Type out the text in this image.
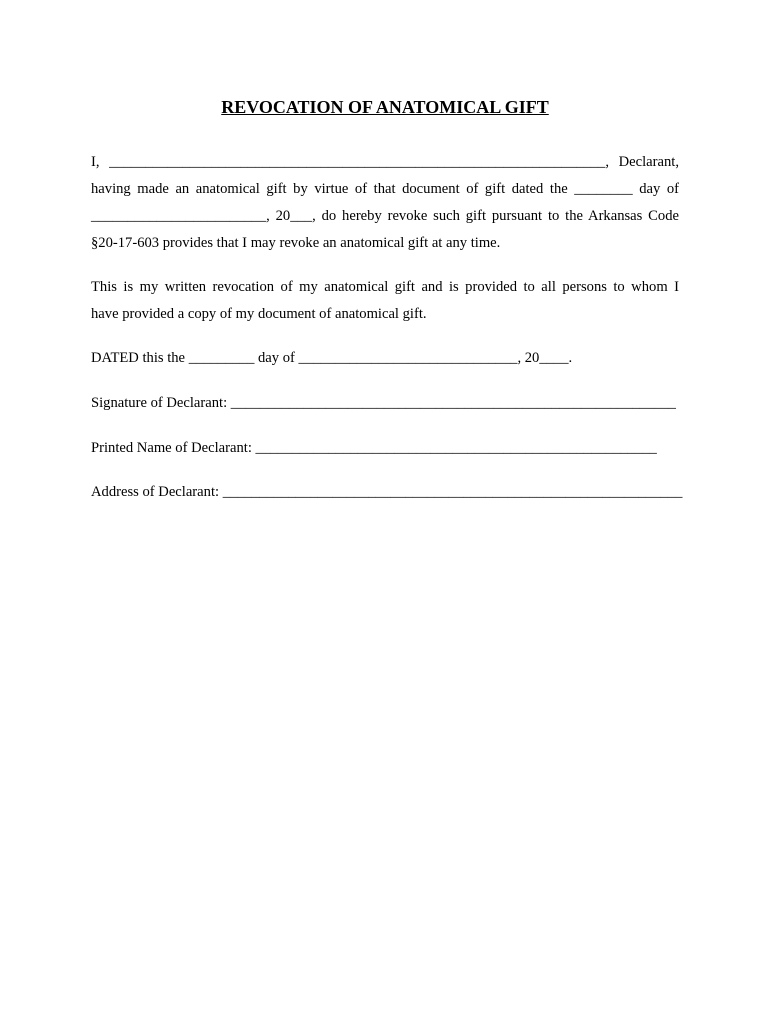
REVOCATION OF ANATOMICAL GIFT

I, ____________________________________________________________________, Declarant,
having made an anatomical gift by virtue of that document of gift dated the ________ day of
________________________, 20___, do hereby revoke such gift pursuant to the Arkansas Code
§20-17-603 provides that I may revoke an anatomical gift at any time.

This is my written revocation of my anatomical gift and is provided to all persons to whom I
have provided a copy of my document of anatomical gift.

DATED this the _________ day of ______________________________, 20____.

Signature of Declarant: _____________________________________________________________

Printed Name of Declarant: _______________________________________________________

Address of Declarant: _______________________________________________________________
